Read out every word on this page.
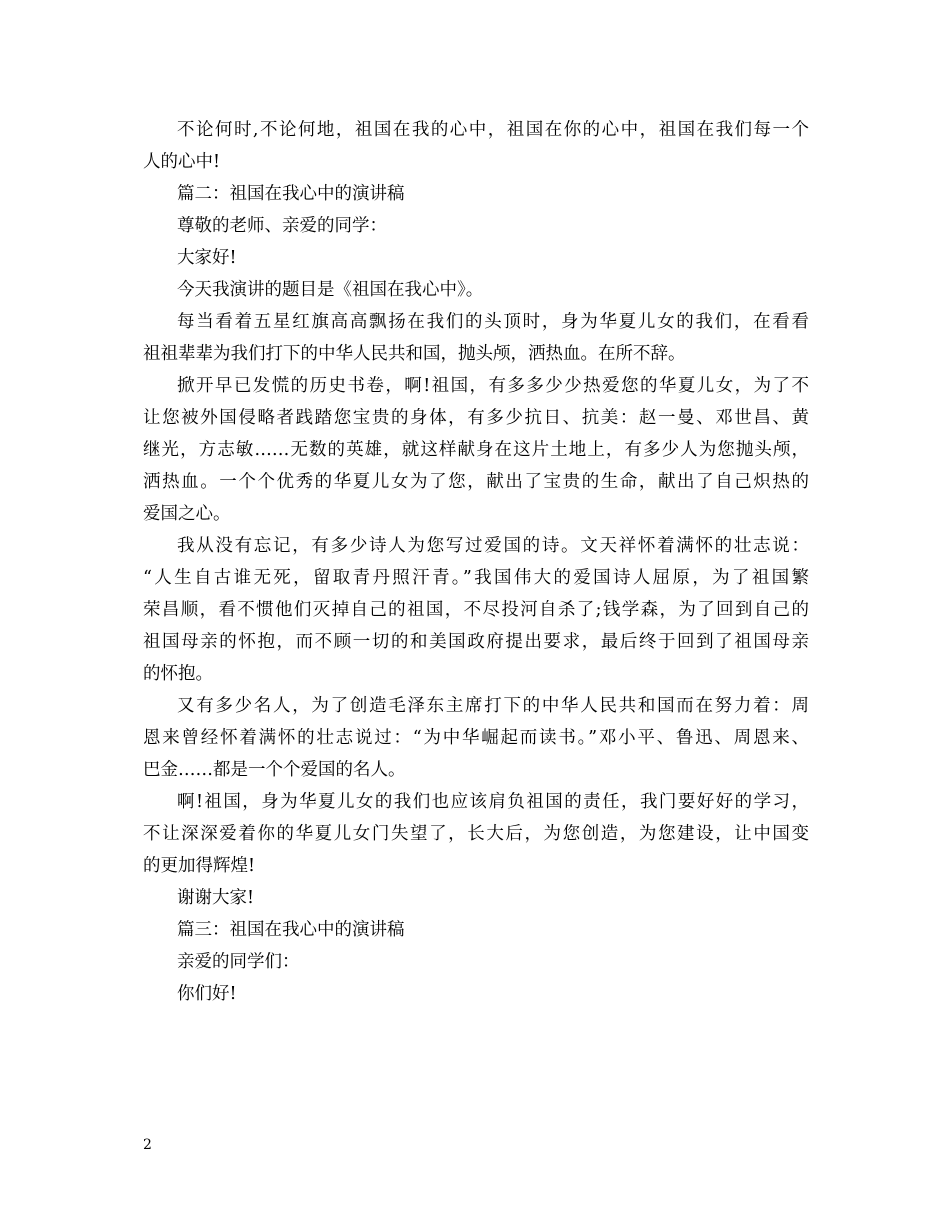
不论何时,不论何地，祖国在我的心中，祖国在你的心中，祖国在我们每一个
人的心中!
篇二：祖国在我心中的演讲稿
尊敬的老师、亲爱的同学：
大家好!
今天我演讲的题目是《祖国在我心中》。
每当看着五星红旗高高飘扬在我们的头顶时，身为华夏儿女的我们，在看看
祖祖辈辈为我们打下的中华人民共和国，抛头颅，洒热血。在所不辞。
掀开早已发慌的历史书卷，啊!祖国，有多多少少热爱您的华夏儿女，为了不
让您被外国侵略者践踏您宝贵的身体，有多少抗日、抗美：赵一曼、邓世昌、黄
继光，方志敏……无数的英雄，就这样献身在这片土地上，有多少人为您抛头颅，
洒热血。一个个优秀的华夏儿女为了您，献出了宝贵的生命，献出了自己炽热的
爱国之心。
我从没有忘记，有多少诗人为您写过爱国的诗。文天祥怀着满怀的壮志说：
“人生自古谁无死，留取青丹照汗青。”我国伟大的爱国诗人屈原，为了祖国繁
荣昌顺，看不惯他们灭掉自己的祖国，不尽投河自杀了;钱学森，为了回到自己的
祖国母亲的怀抱，而不顾一切的和美国政府提出要求，最后终于回到了祖国母亲
的怀抱。
又有多少名人，为了创造毛泽东主席打下的中华人民共和国而在努力着：周
恩来曾经怀着满怀的壮志说过：“为中华崛起而读书。”邓小平、鲁迅、周恩来、
巴金……都是一个个爱国的名人。
啊!祖国，身为华夏儿女的我们也应该肩负祖国的责任，我门要好好的学习，
不让深深爱着你的华夏儿女门失望了，长大后，为您创造，为您建设，让中国变
的更加得辉煌!
谢谢大家!
篇三：祖国在我心中的演讲稿
亲爱的同学们：
你们好!
2
